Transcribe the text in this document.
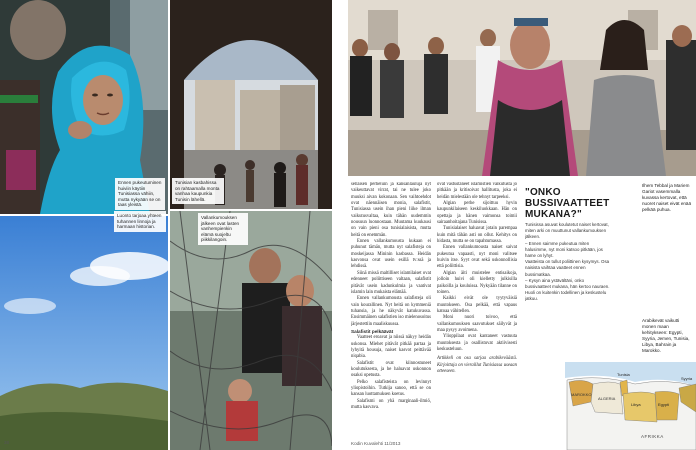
Ennen pukeutuminen huiviin käytiin Tunisiassa vähiin, mutta nykyään se on taas yleistä.
Tunisian kasbahissa on rahtaamalla monta vanhaa kaupunkia Tunisin lähellä.
Luonto tarjoaa yhteen tuhannen linnoja ja harmaan historian.
Vallankumouksen jälkeen ovat lasten vanhempienkin elämä suojeltu piikkilangoin.
38

sellaisen perheluin ja kansanlauluja nyt vaikeuttavat virrat, tai ne tulee joko muuksi aivan kokonaan. Sen vaihtoehdot ovat näennäisen monia, salafistit, Tunisiassa usein ihan pieni liike ilman vaikutusvaltaa, kuin tähän uudemmin nousuun luonnostaan. Muutama kuukausi on vain pieni osa tunisialaisista, mutta heitä on enemmän.

Ennen vallankumousta kukaan ei puhunut tämän, mutta nyt salafisteja on moskeijassa Mininin kasbassa. Heidän kasvonsa ovat usein esillä tv:ssä ja lehdissä.

Siinä missä maltilliset islamilaiset ovat edenneet poliittiseen valtaan, salafistit pitävät usein kadunkulmia ja vaativat islamin lain mukaista elämää.

Ennen vallankumousta salafisteja oli vain kourallinen. Nyt heitä on kymmeniä tuhansia, ja he näkyvät katukuvassa. Ensimmäinen salafistien iso mielenosoitus järjestettiin maaliskuussa.

Salafistit pelkäävät

Vaatteet eroavat ja niissä näkyy heidän uskonsa. Miehet pitävät pitkää partaa ja lyhyitä housuja, naiset kasvot peittävää niqabia.

Salafistit ovat kiinnostuneet koulutuksesta, ja he haluavat uskonnon osaksi opetusta.

Pelko salafisteista on levinnyt yliopistoihin. Tutkija sanoo, että se on kansan luottamuksen koetus.

Salafismi on yhä marginaali-ilmiö, mutta kasvava.

ovat vastustaneet islamistien vaikutusta jo pitkään ja kritisoivat hallitusta, joka ei heidän mielestään ole tehnyt tarpeeksi.

Algian perhe sijoittuu hyvin kaupunkilaiseen keskiluokkaan. Hän on opettaja ja hänen vaimonsa toimii sairaanhoitajana Tunisissa.

Tunisialaiset haluavat jotain parempaa kuin mitä tähän asti on ollut. Kehitys on hidasta, mutta se on tapahtumassa.

Ennen vallankumousta naiset saivat pukeutua vapaasti, nyt moni valitsee huivin itse. Syyt ovat sekä uskonnollisia että poliittisia.

Algian äiti muistelee entisaikoja, jolloin huivi oli kielletty julkisilla paikoilla ja kouluissa. Nykyään tilanne on toinen.

Kaikki eivät ole tyytyväisiä muutokseen. Osa pelkää, että vapaus katoaa vähitellen.

Moni nuori toivoo, että vallankumouksen saavutukset säilyvät ja maa pysyy avoimena.

Ylioppilaat ovat kantaneet vastuuta muutoksesta ja osallistuvat aktiivisesti keskusteluun.

Artikkeli on osa sarjaa arabikeväästä. Kirjoittaja on vieraillut Tunisiassa useaan otteeseen.

Kodin Kuvalehti 11/2013
"ONKO
BUSSIVAATTEET
MUKANA?"

Tunisissa asuvat koulutetut naiset kertovat, miten arki on muuttunut vallankumouksen jälkeen.

– Ennen saimme pukeutua miten halusimme, nyt moni katsoo pitkään, jos hame on lyhyt.

Vaatteista on tullut poliittinen kysymys. Osa naisista vaihtaa vaatteet ennen bussimatkaa.

– Kysyn aina ystävältäni, onko bussivaatteet mukana, hän kertoo nauraen.

Huoli on kuitenkin todellinen ja keskustelu jatkuu.

Ilhem Tebbal ja Mariem Gariot vasemmalla kuvassa kertovat, että nuoret naiset eivät enää pelkää puhua.
Arabikevät vaikutti monen maan kehitykseen: Egypti, Syyria, Jemen, Tunisia, Libya, Bahrain ja Marokko.
MAROKKO
ALGERIA
Tunisia
Libya	Egypti
Syyria
AFRIKKA
